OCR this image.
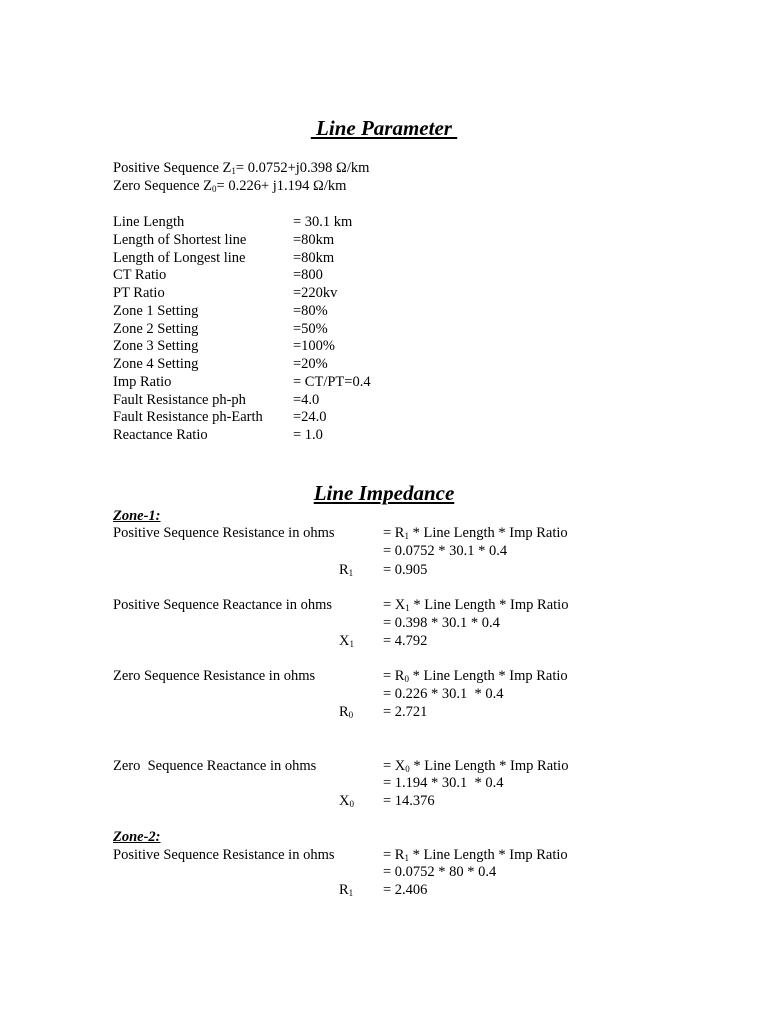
Line Parameter
Positive Sequence $Z_1= 0.0752+j0.398$ Ω/km
Zero Sequence $Z_0= 0.226+ j1.194$ Ω/km
Line Length	= 30.1 km
Length of Shortest line	=80km
Length of Longest line	=80km
CT Ratio	=800
PT Ratio	=220kv
Zone 1 Setting	=80%
Zone 2 Setting	=50%
Zone 3 Setting	=100%
Zone 4 Setting	=20%
Imp Ratio	= CT/PT=0.4
Fault Resistance ph-ph	=4.0
Fault Resistance ph-Earth =24.0
Reactance Ratio	= 1.0
Line Impedance
Zone-1:
Positive Sequence Resistance in ohms	= $R_1$ * Line Length * Imp Ratio
= 0.0752 * 30.1 * 0.4
$R_1 = 0.905$
Positive Sequence Reactance in ohms	= $X_1$ * Line Length * Imp Ratio
= 0.398 * 30.1 * 0.4
$X_1 = 4.792$
Zero Sequence Resistance in ohms	= $R_0$ * Line Length * Imp Ratio
= 0.226 * 30.1  * 0.4
$R_0 = 2.721$
Zero  Sequence Reactance in ohms	= $X_0$ * Line Length * Imp Ratio
= 1.194 * 30.1  * 0.4
$X_0 = 14.376$
Zone-2:
Positive Sequence Resistance in ohms	= $R_1$ * Line Length * Imp Ratio
= 0.0752 * 80 * 0.4
$R_1 = 2.406$
